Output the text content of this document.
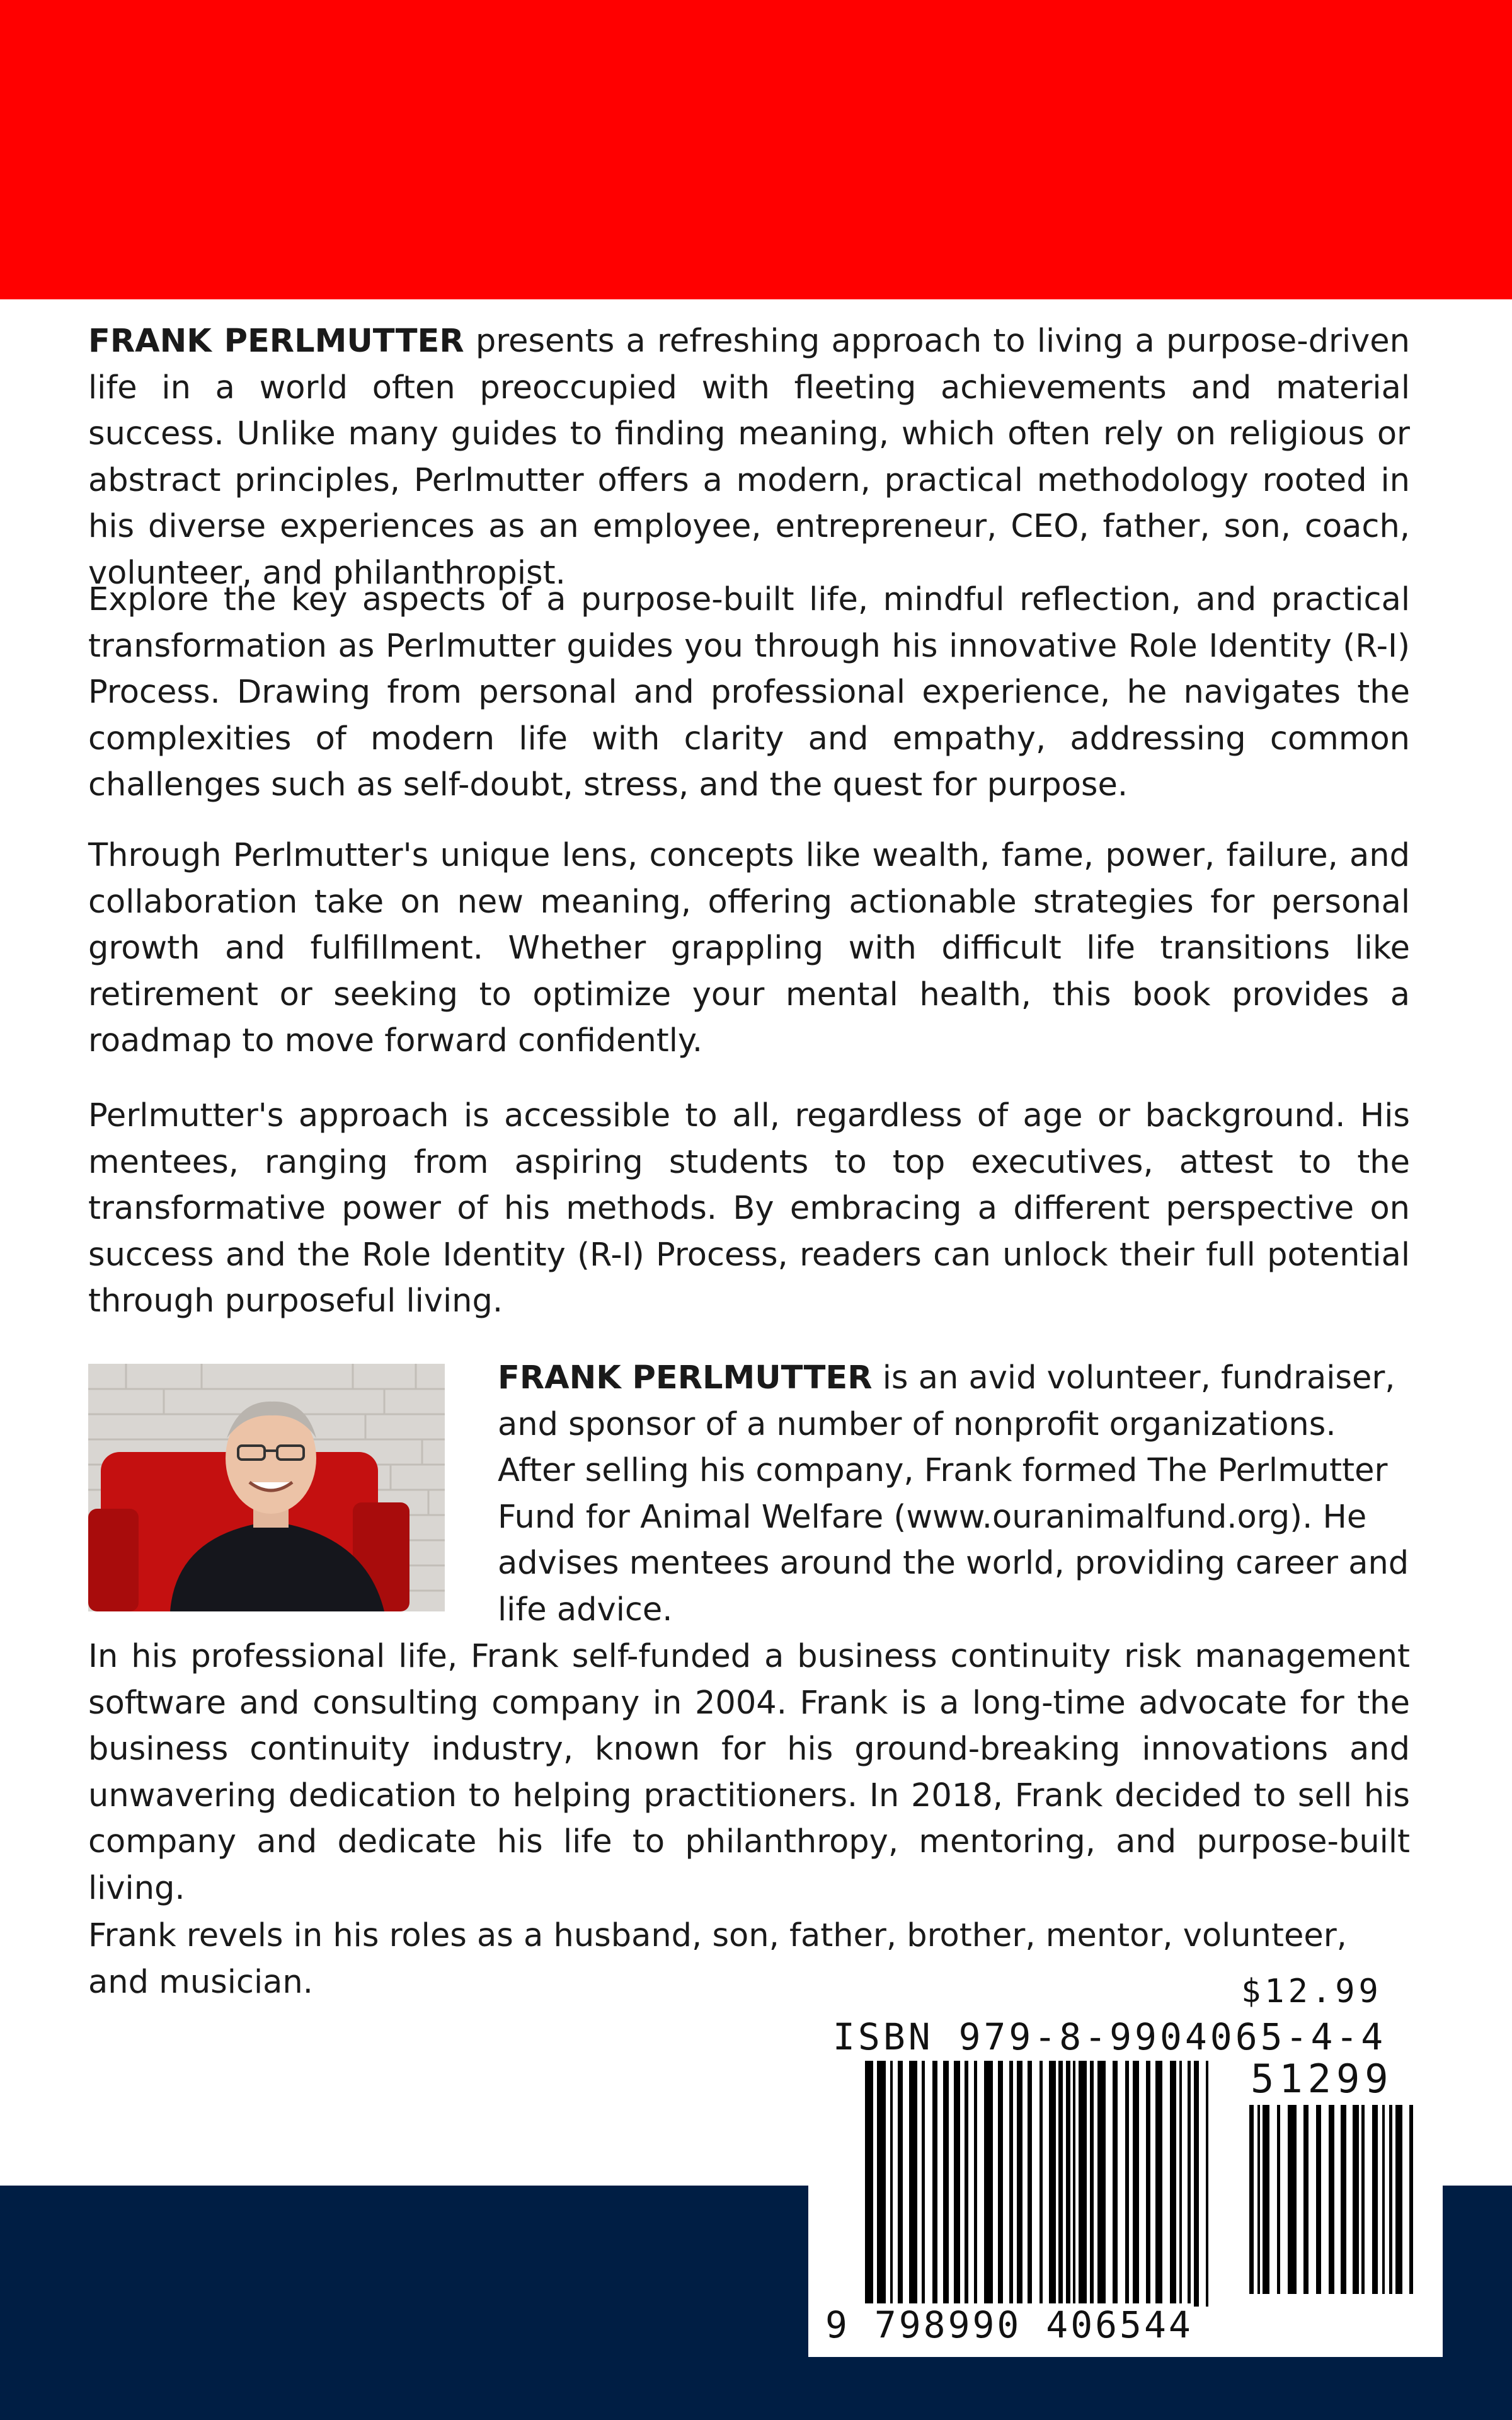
FRANK PERLMUTTER presents a refreshing approach to living a purpose-driven life in a world often preoccupied with fleeting achievements and material success. Unlike many guides to finding meaning, which often rely on religious or abstract principles, Perlmutter offers a modern, practical methodology rooted in his diverse experiences as an employee, entrepreneur, CEO, father, son, coach, volunteer, and philanthropist.

Explore the key aspects of a purpose-built life, mindful reflection, and practical transformation as Perlmutter guides you through his innovative Role Identity (R-I) Process. Drawing from personal and professional experience, he navigates the complexities of modern life with clarity and empathy, addressing common challenges such as self-doubt, stress, and the quest for purpose.

Through Perlmutter's unique lens, concepts like wealth, fame, power, failure, and collaboration take on new meaning, offering actionable strategies for personal growth and fulfillment. Whether grappling with difficult life transitions like retirement or seeking to optimize your mental health, this book provides a roadmap to move forward confidently.

Perlmutter's approach is accessible to all, regardless of age or background. His mentees, ranging from aspiring students to top executives, attest to the transformative power of his methods. By embracing a different perspective on success and the Role Identity (R-I) Process, readers can unlock their full potential through purposeful living.

FRANK PERLMUTTER is an avid volunteer, fundraiser, and sponsor of a number of nonprofit organizations. After selling his company, Frank formed The Perlmutter Fund for Animal Welfare (www.ouranimalfund.org). He advises mentees around the world, providing career and life advice.

In his professional life, Frank self-funded a business continuity risk management software and consulting company in 2004. Frank is a long-time advocate for the business continuity industry, known for his ground-breaking innovations and unwavering dedication to helping practitioners. In 2018, Frank decided to sell his company and dedicate his life to philanthropy, mentoring, and purpose-built living.

Frank revels in his roles as a husband, son, father, brother, mentor, volunteer, and musician.	$12.99
ISBN 979-8-9904065-4-4
51299
9 798990 406544
